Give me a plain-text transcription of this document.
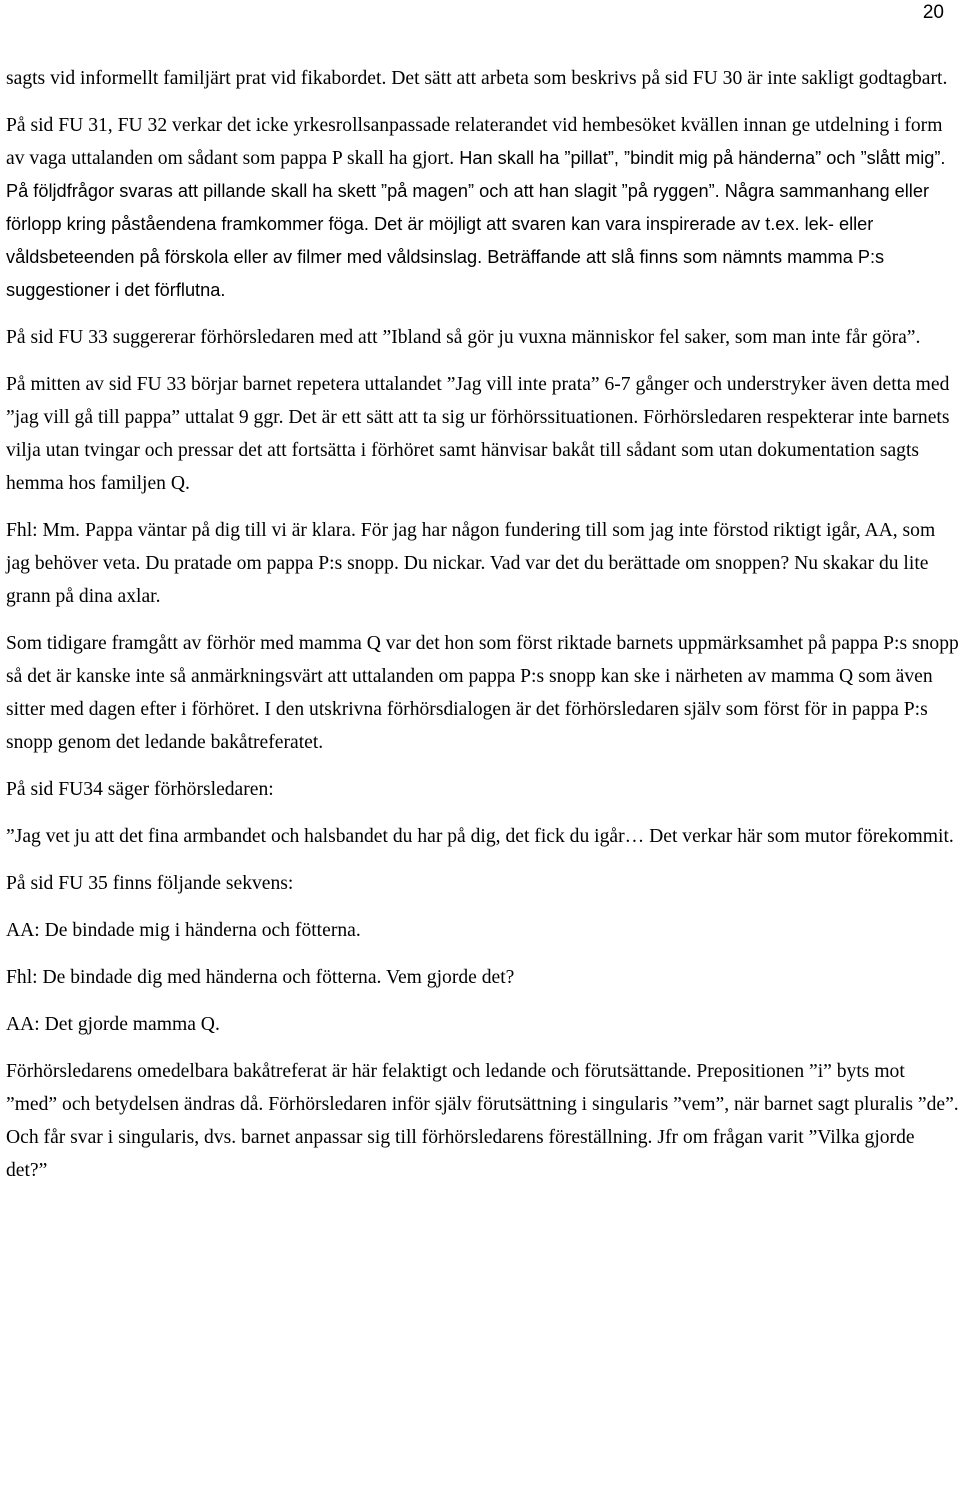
20

sagts vid informellt familjärt prat vid fikabordet. Det sätt att arbeta som beskrivs på sid FU 30 är inte sakligt godtagbart.

På sid FU 31, FU 32 verkar det icke yrkesrollsanpassade relaterandet vid hembesöket kvällen innan ge utdelning i form av vaga uttalanden om sådant som pappa P skall ha gjort. Han skall ha ”pillat”, ”bindit mig på händerna” och ”slått mig”. På följdfrågor svaras att pillande skall ha skett ”på magen” och att han slagit ”på ryggen”. Några sammanhang eller förlopp kring påståendena framkommer föga. Det är möjligt att svaren kan vara inspirerade av t.ex. lek- eller våldsbeteenden på förskola eller av filmer med våldsinslag. Beträffande att slå finns som nämnts mamma P:s suggestioner i det förflutna.

På sid FU 33 suggererar förhörsledaren med att ”Ibland så gör ju vuxna människor fel saker, som man inte får göra”.

På mitten av sid FU 33 börjar barnet repetera uttalandet ”Jag vill inte prata” 6-7 gånger och understryker även detta med ”jag vill gå till pappa” uttalat 9 ggr. Det är ett sätt att ta sig ur förhörssituationen. Förhörsledaren respekterar inte barnets vilja utan tvingar och pressar det att fortsätta i förhöret samt hänvisar bakåt till sådant som utan dokumentation sagts hemma hos familjen Q.

Fhl: Mm. Pappa väntar på dig till vi är klara. För jag har någon fundering till som jag inte förstod riktigt igår, AA, som jag behöver veta. Du pratade om pappa P:s snopp. Du nickar. Vad var det du berättade om snoppen? Nu skakar du lite grann på dina axlar.

Som tidigare framgått av förhör med mamma Q var det hon som först riktade barnets uppmärksamhet på pappa P:s snopp så det är kanske inte så anmärkningsvärt att uttalanden om pappa P:s snopp kan ske i närheten av mamma Q som även sitter med dagen efter i förhöret. I den utskrivna förhörsdialogen är det förhörsledaren själv som först för in pappa P:s snopp genom det ledande bakåtreferatet.

På sid FU34 säger förhörsledaren:

”Jag vet ju att det fina armbandet och halsbandet du har på dig, det fick du igår… Det verkar här som mutor förekommit.

På sid FU 35 finns följande sekvens:

AA: De bindade mig i händerna och fötterna.

Fhl: De bindade dig med händerna och fötterna. Vem gjorde det?

AA: Det gjorde mamma Q.

Förhörsledarens omedelbara bakåtreferat är här felaktigt och ledande och förutsättande. Prepositionen ”i” byts mot ”med” och betydelsen ändras då. Förhörsledaren inför själv förutsättning i singularis ”vem”, när barnet sagt pluralis ”de”. Och får svar i singularis, dvs. barnet anpassar sig till förhörsledarens föreställning. Jfr om frågan varit ”Vilka gjorde det?”
